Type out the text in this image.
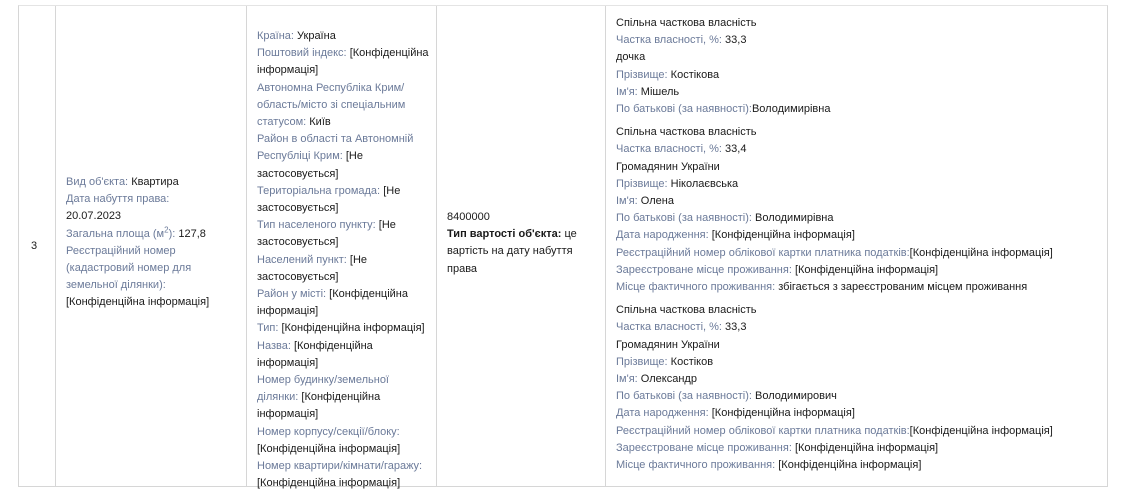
3
Вид об'єкта: Квартира
Дата набуття права:
20.07.2023
Загальна площа $(м^2)$: 127,8
Реєстраційний номер (кадастровий номер для земельної ділянки):
[Конфіденційна інформація]
Країна: Україна
Поштовий індекс: [Конфіденційна інформація]
Автономна Республіка Крим/ область/місто зі спеціальним статусом: Київ
Район в області та Автономній Республіці Крим: [Не застосовується]
Територіальна громада: [Не застосовується]
Тип населеного пункту: [Не застосовується]
Населений пункт: [Не застосовується]
Район у місті: [Конфіденційна інформація]
Тип: [Конфіденційна інформація]
Назва: [Конфіденційна інформація]
Номер будинку/земельної ділянки: [Конфіденційна інформація]
Номер корпусу/секції/блоку: [Конфіденційна інформація]
Номер квартири/кімнати/гаражу: [Конфіденційна інформація]
8400000
Тип вартості об'єкта: це вартість на дату набуття права
Спільна часткова власність
Частка власності, %: 33,3
дочка
Прізвище: Костікова
Ім'я: Мішель
По батькові (за наявності):Володимирівна
Спільна часткова власність
Частка власності, %: 33,4
Громадянин України
Прізвище: Ніколаєвська
Ім'я: Олена
По батькові (за наявності): Володимирівна
Дата народження: [Конфіденційна інформація]
Реєстраційний номер облікової картки платника податків:[Конфіденційна інформація]
Зареєстроване місце проживання: [Конфіденційна інформація]
Місце фактичного проживання: збігається з зареєстрованим місцем проживання
Спільна часткова власність
Частка власності, %: 33,3
Громадянин України
Прізвище: Костіков
Ім'я: Олександр
По батькові (за наявності): Володимирович
Дата народження: [Конфіденційна інформація]
Реєстраційний номер облікової картки платника податків:[Конфіденційна інформація]
Зареєстроване місце проживання: [Конфіденційна інформація]
Місце фактичного проживання: [Конфіденційна інформація]
